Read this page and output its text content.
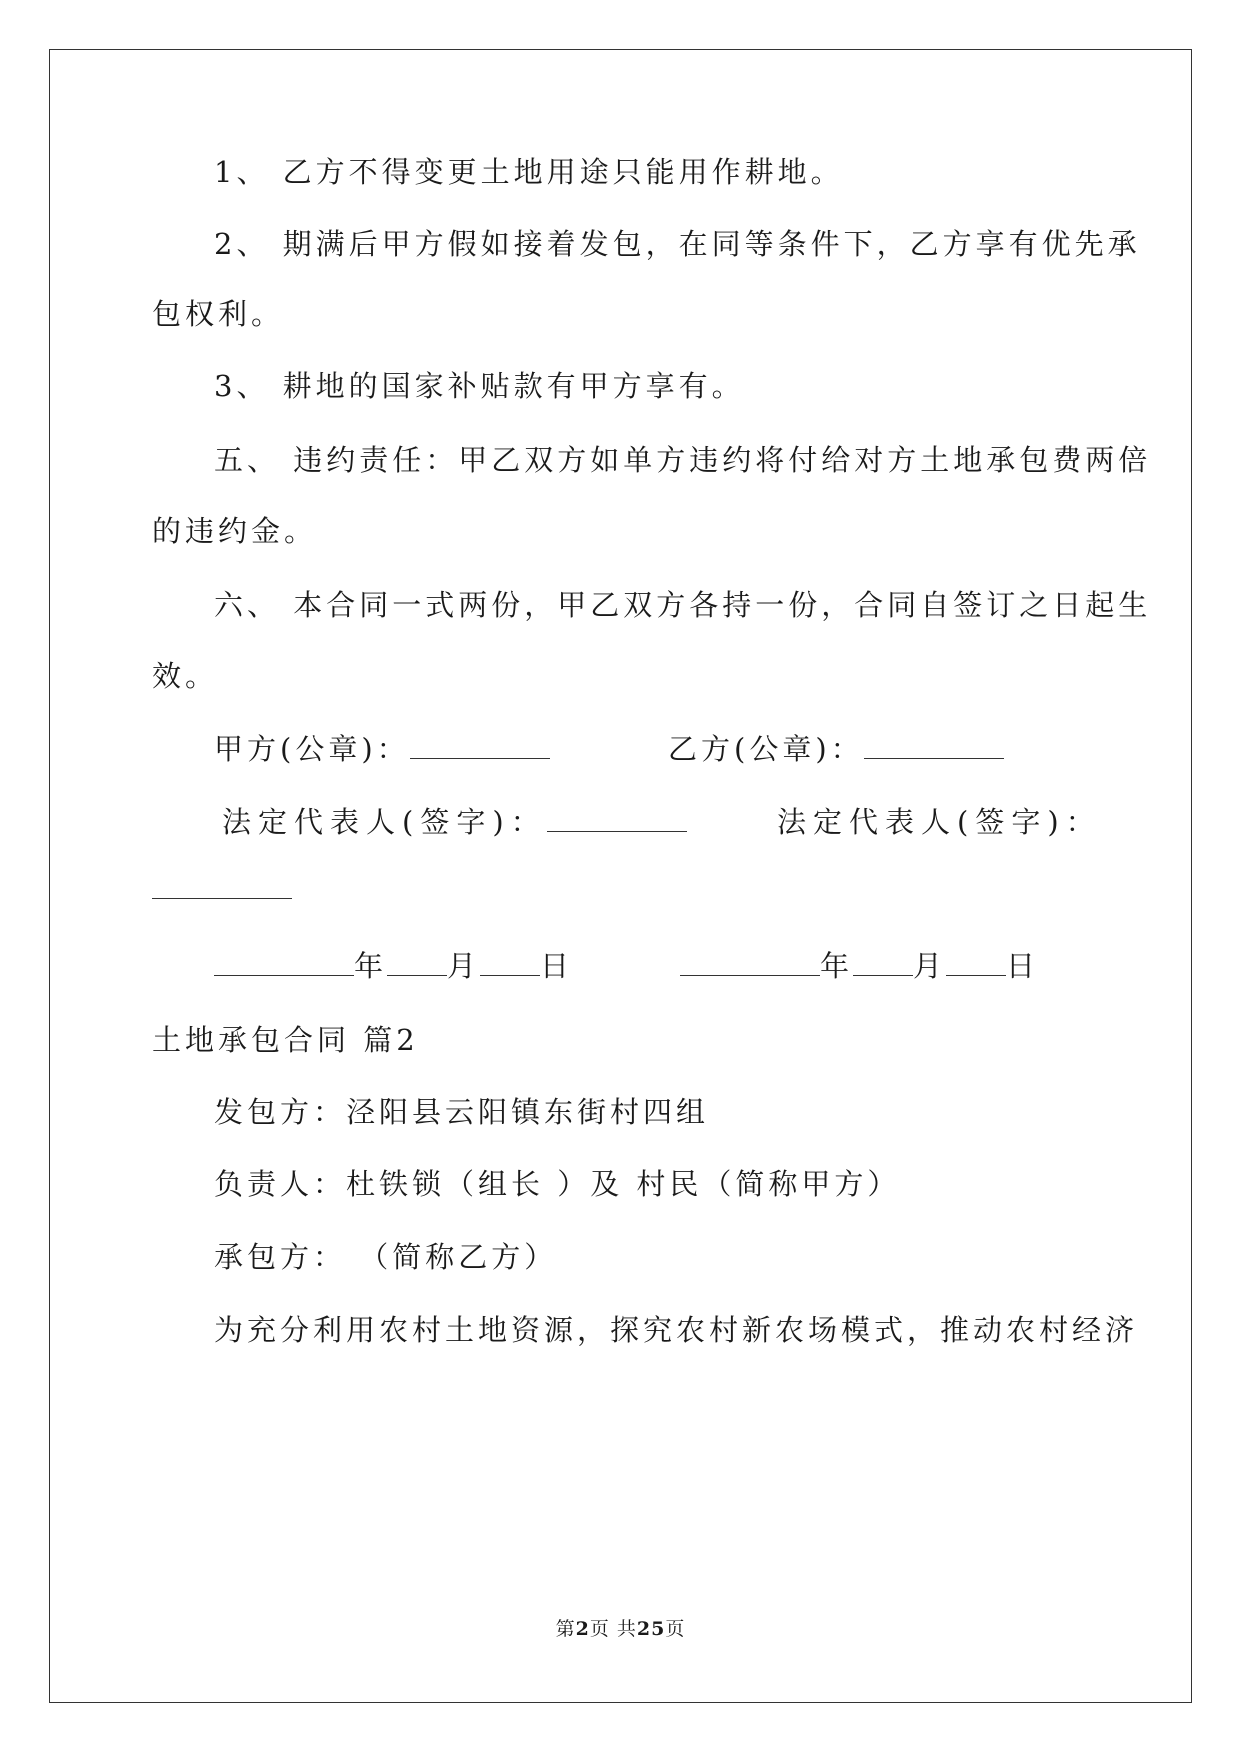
1、 乙方不得变更土地用途只能用作耕地。
2、 期满后甲方假如接着发包，在同等条件下，乙方享有优先承
包权利。
3、 耕地的国家补贴款有甲方享有。
五、 违约责任：甲乙双方如单方违约将付给对方土地承包费两倍
的违约金。
六、 本合同一式两份，甲乙双方各持一份，合同自签订之日起生
效。
甲方(公章)：	乙方(公章)：
法定代表人(签字)：	法定代表人(签字)：
年 月 日	年 月 日
土地承包合同 篇2
发包方：泾阳县云阳镇东街村四组
负责人：杜铁锁（组长 ）及 村民（简称甲方）
承包方： （简称乙方）
为充分利用农村土地资源，探究农村新农场模式，推动农村经济
第2页 共25页
